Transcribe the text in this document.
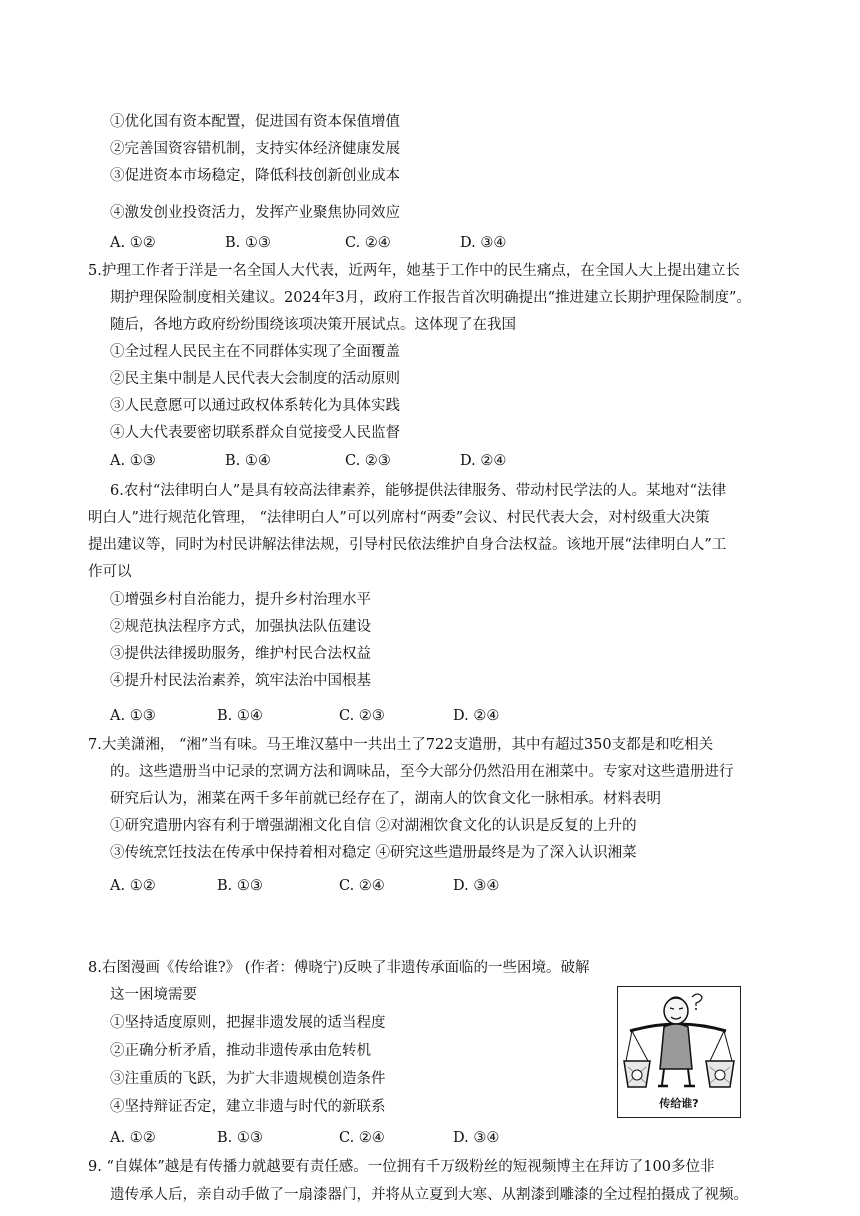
①优化国有资本配置，促进国有资本保值增值
②完善国资容错机制，支持实体经济健康发展
③促进资本市场稳定，降低科技创新创业成本
④激发创业投资活力，发挥产业聚焦协同效应
A. ①②	B. ①③	C. ②④	D. ③④
5.护理工作者于洋是一名全国人大代表，近两年，她基于工作中的民生痛点，在全国人大上提出建立长
期护理保险制度相关建议。2024年3月，政府工作报告首次明确提出“推进建立长期护理保险制度”。
随后，各地方政府纷纷围绕该项决策开展试点。这体现了在我国
①全过程人民民主在不同群体实现了全面覆盖
②民主集中制是人民代表大会制度的活动原则
③人民意愿可以通过政权体系转化为具体实践
④人大代表要密切联系群众自觉接受人民监督
A. ①③	B. ①④	C. ②③	D. ②④
6.农村“法律明白人”是具有较高法律素养，能够提供法律服务、带动村民学法的人。某地对“法律
明白人”进行规范化管理， “法律明白人”可以列席村“两委”会议、村民代表大会，对村级重大决策
提出建议等，同时为村民讲解法律法规，引导村民依法维护自身合法权益。该地开展“法律明白人”工
作可以
①增强乡村自治能力，提升乡村治理水平
②规范执法程序方式，加强执法队伍建设
③提供法律援助服务，维护村民合法权益
④提升村民法治素养，筑牢法治中国根基
A. ①③	B. ①④	C. ②③	D. ②④
7.大美潇湘， “湘”当有味。马王堆汉墓中一共出土了722支遣册，其中有超过350支都是和吃相关
的。这些遣册当中记录的烹调方法和调味品，至今大部分仍然沿用在湘菜中。专家对这些遣册进行
研究后认为，湘菜在两千多年前就已经存在了，湖南人的饮食文化一脉相承。材料表明
①研究遣册内容有利于增强湖湘文化自信 ②对湖湘饮食文化的认识是反复的上升的
③传统烹饪技法在传承中保持着相对稳定 ④研究这些遣册最终是为了深入认识湘菜
A. ①②	B. ①③	C. ②④	D. ③④
8.右图漫画《传给谁?》 (作者：傅晓宁)反映了非遗传承面临的一些困境。破解
这一困境需要
①坚持适度原则，把握非遗发展的适当程度
②正确分析矛盾，推动非遗传承由危转机
③注重质的飞跃，为扩大非遗规模创造条件
④坚持辩证否定，建立非遗与时代的新联系
A. ①②	B. ①③	C. ②④	D. ③④
传给谁?
9. “自媒体”越是有传播力就越要有责任感。一位拥有千万级粉丝的短视频博主在拜访了100多位非
遗传承人后，亲自动手做了一扇漆器门，并将从立夏到大寒、从割漆到雕漆的全过程拍摄成了视频。
